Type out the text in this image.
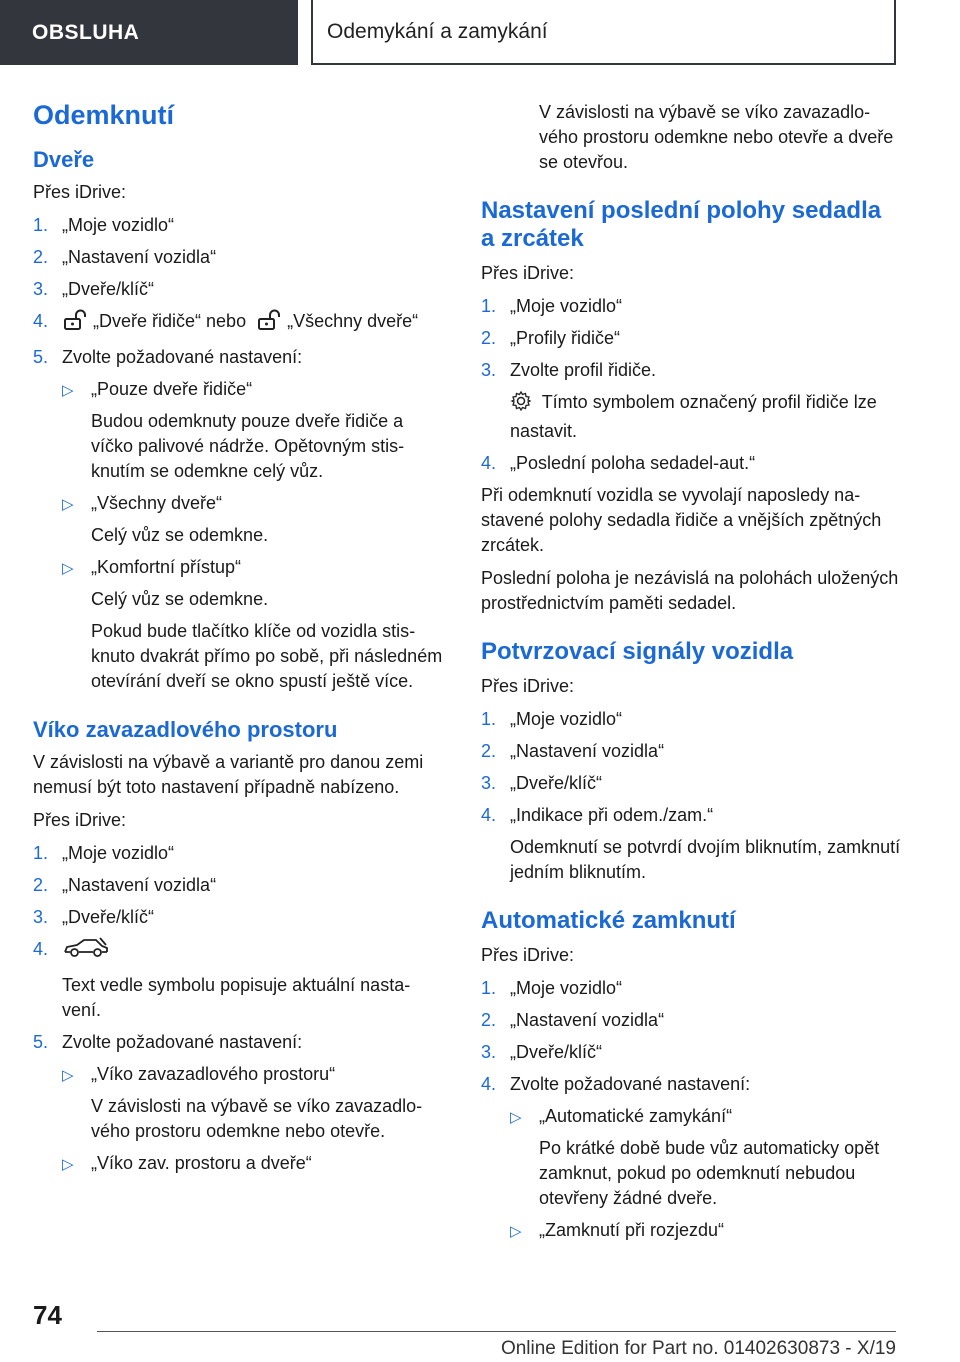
OBSLUHA	Odemykání a zamykání
Odemknutí
Dveře
Přes iDrive:
1. „Moje vozidlo“
2. „Nastavení vozidla“
3. „Dveře/klíč“
4.	„Dveře řidiče“ nebo „Všechny dveře“
5. Zvolte požadované nastavení:
▷ „Pouze dveře řidiče“
Budou odemknuty pouze dveře řidiče a víčko palivové nádrže. Opětovným stisknutím se odemkne celý vůz.
▷ „Všechny dveře“
Celý vůz se odemkne.
▷ „Komfortní přístup“
Celý vůz se odemkne.
Pokud bude tlačítko klíče od vozidla stisknuto dvakrát přímo po sobě, při následném otevírání dveří se okno spustí ještě více.
Víko zavazadlového prostoru
V závislosti na výbavě a variantě pro danou zemi nemusí být toto nastavení případně nabízeno.
Přes iDrive:
1. „Moje vozidlo“
2. „Nastavení vozidla“
3. „Dveře/klíč“
4.
Text vedle symbolu popisuje aktuální nastavení.
5. Zvolte požadované nastavení:
▷ „Víko zavazadlového prostoru“
V závislosti na výbavě se víko zavazadlového prostoru odemkne nebo otevře.
▷ „Víko zav. prostoru a dveře“
V závislosti na výbavě se víko zavazadlového prostoru odemkne nebo otevře a dveře se otevřou.
Nastavení poslední polohy sedadla a zrcátek
Přes iDrive:
1. „Moje vozidlo“
2. „Profily řidiče“
3. Zvolte profil řidiče.
Tímto symbolem označený profil řidiče lze nastavit.
4. „Poslední poloha sedadel-aut.“
Při odemknutí vozidla se vyvolají naposledy nastavené polohy sedadla řidiče a vnějších zpětných zrcátek.
Poslední poloha je nezávislá na polohách uložených prostřednictvím paměti sedadel.
Potvrzovací signály vozidla
Přes iDrive:
1. „Moje vozidlo“
2. „Nastavení vozidla“
3. „Dveře/klíč“
4. „Indikace při odem./zam.“
Odemknutí se potvrdí dvojím bliknutím, zamknutí jedním bliknutím.
Automatické zamknutí
Přes iDrive:
1. „Moje vozidlo“
2. „Nastavení vozidla“
3. „Dveře/klíč“
4. Zvolte požadované nastavení:
▷ „Automatické zamykání“
Po krátké době bude vůz automaticky opět zamknut, pokud po odemknutí nebudou otevřeny žádné dveře.
▷ „Zamknutí při rozjezdu“
74
Online Edition for Part no. 01402630873 - X/19
